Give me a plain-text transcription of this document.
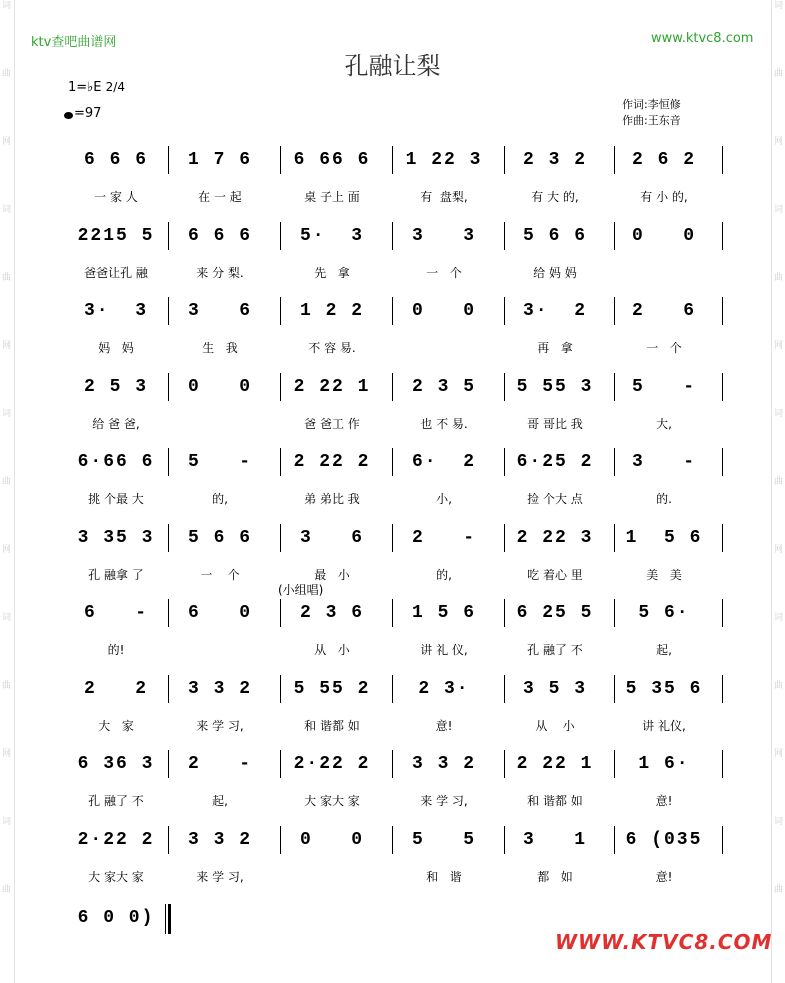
词
曲
网
词
曲
网
词
曲
网
词
曲
网
词
曲
词
曲
网
词
曲
网
词
曲
网
词
曲
网
词
曲
ktv查吧曲谱网	www.ktvc8.com
孔融让梨
1=♭E 2/4
=97
作词:李恒修
作曲:王东音
6 6 6
一 家 人
1 7 6
在 一 起
6 66 6
桌 子上 面
1 22 3
有  盘梨,
2 3 2
有 大 的,
2 6 2
有 小 的,
2215 5
爸爸让孔 融
6 6 6
来 分 梨.
5·  3
先   拿
3   3
一   个
5 6 6
给 妈 妈
0   0
3·  3
妈   妈
3   6
生   我
1 2 2
不 容 易.
0   0	3·  2
再   拿
2   6
一   个
2 5 3
给 爸 爸,
0   0	2 22 1
爸 爸工 作
2 3 5
也 不 易.
5 55 3
哥 哥比 我
5   -
大,
6·66 6
挑 个最 大
5   -
的,
2 22 2
弟 弟比 我
6·  2
小,
6·25 2
捡 个大 点
3   -
的.
3 35 3
孔 融拿 了
5 6 6
一    个
3   6
最   小
2   -
的,
2 22 3
吃 着心 里
1  5 6
美   美
(小组唱)
6   -
的!
6   0	2 3 6
从   小
1 5 6
讲 礼 仪,
6 25 5
孔 融了 不
5 6·
起,
2   2
大   家
3 3 2
来 学 习,
5 55 2
和 谐都 如
2 3·
意!
3 5 3
从    小
5 35 6
讲 礼仪,
6 36 3
孔 融了 不
2   -
起,
2·22 2
大 家大 家
3 3 2
来 学 习,
2 22 1
和 谐都 如
1 6·
意!
2·22 2
大 家大 家
3 3 2
来 学 习,
0   0	5   5
和   谐
3   1
都   如
6 (035
意!
6 0 0)
WWW.KTVC8.COM
